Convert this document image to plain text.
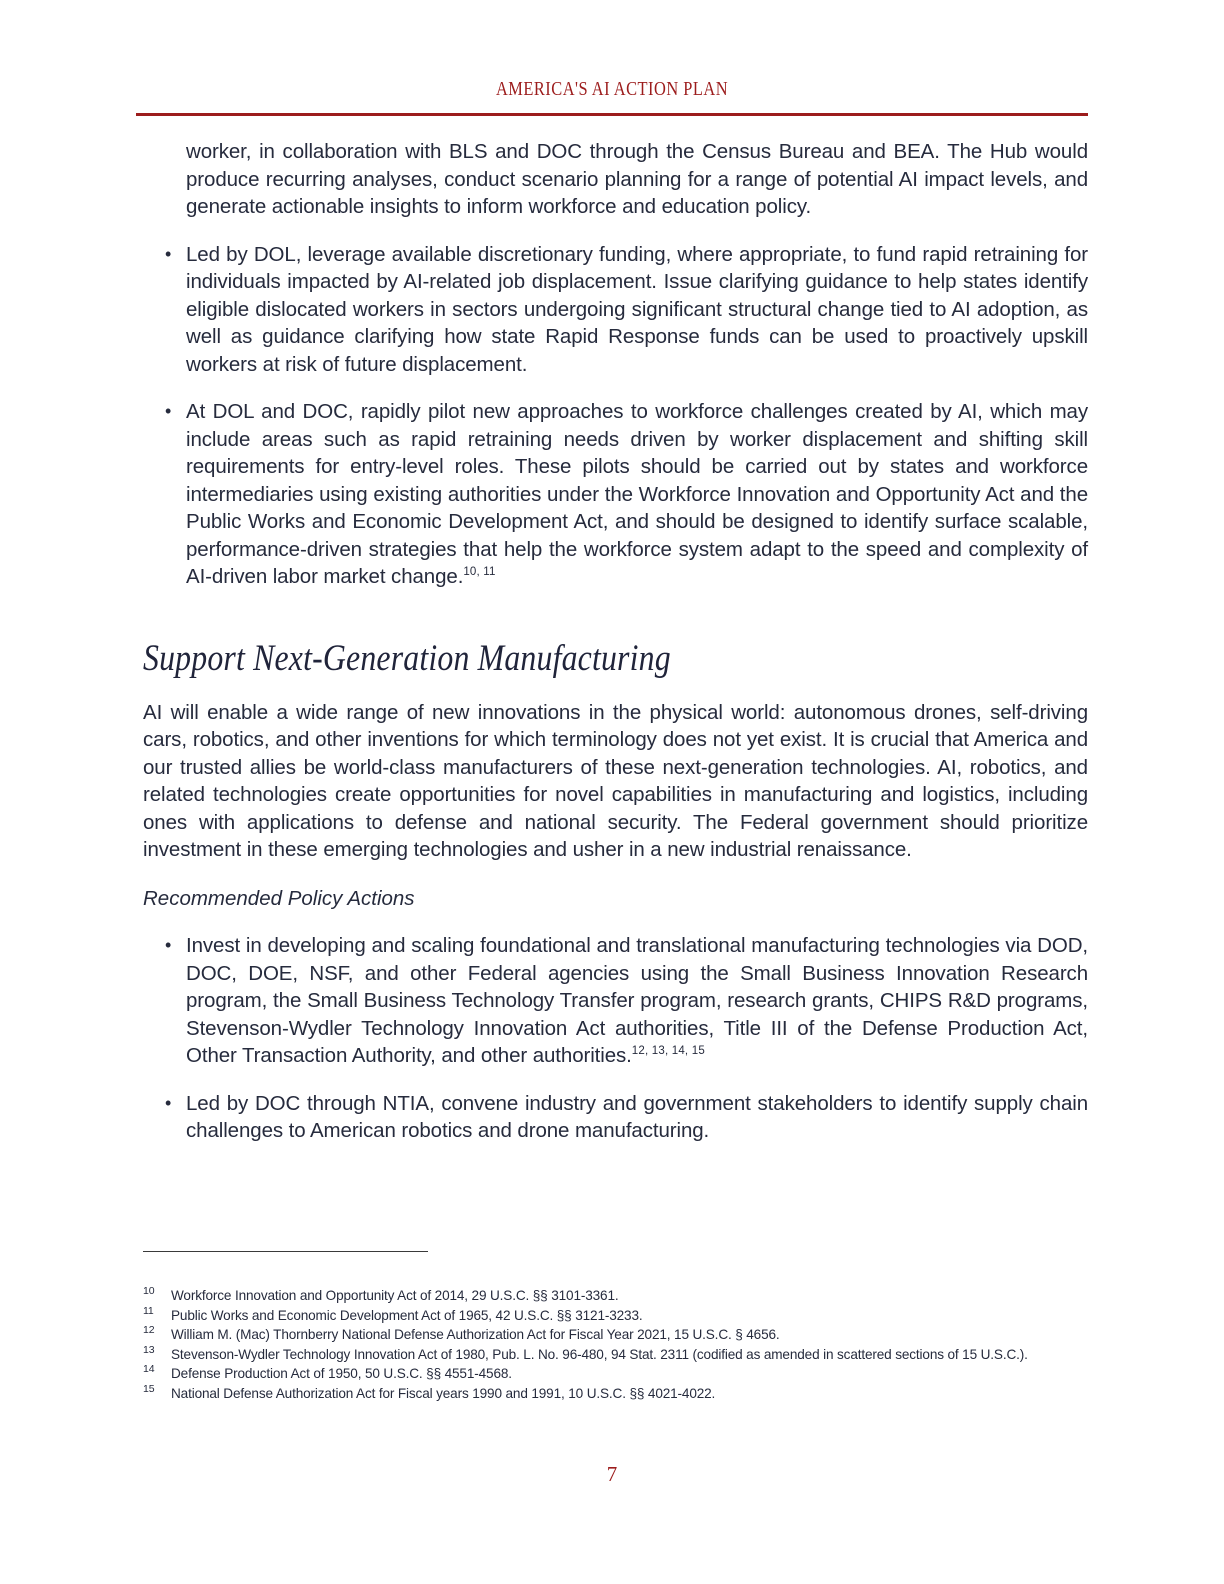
AMERICA'S AI ACTION PLAN

worker, in collaboration with BLS and DOC through the Census Bureau and BEA. The Hub would produce recurring analyses, conduct scenario planning for a range of potential AI impact levels, and generate actionable insights to inform workforce and education policy.

• Led by DOL, leverage available discretionary funding, where appropriate, to fund rapid retraining for individuals impacted by AI-related job displacement. Issue clarifying guidance to help states identify eligible dislocated workers in sectors undergoing significant structural change tied to AI adoption, as well as guidance clarifying how state Rapid Response funds can be used to proactively upskill workers at risk of future displacement.
• At DOL and DOC, rapidly pilot new approaches to workforce challenges created by AI, which may include areas such as rapid retraining needs driven by worker displacement and shifting skill requirements for entry-level roles. These pilots should be carried out by states and workforce intermediaries using existing authorities under the Workforce Innovation and Opportunity Act and the Public Works and Economic Development Act, and should be designed to identify surface scalable, performance-driven strategies that help the workforce system adapt to the speed and complexity of AI-driven labor market change.$^{10, 11}$
Support Next-Generation Manufacturing

AI will enable a wide range of new innovations in the physical world: autonomous drones, self-driving cars, robotics, and other inventions for which terminology does not yet exist. It is crucial that America and our trusted allies be world-class manufacturers of these next-generation technologies. AI, robotics, and related technologies create opportunities for novel capabilities in manufacturing and logistics, including ones with applications to defense and national security. The Federal government should prioritize investment in these emerging technologies and usher in a new industrial renaissance.

Recommended Policy Actions

• Invest in developing and scaling foundational and translational manufacturing technologies via DOD, DOC, DOE, NSF, and other Federal agencies using the Small Business Innovation Research program, the Small Business Technology Transfer program, research grants, CHIPS R&D programs, Stevenson-Wydler Technology Innovation Act authorities, Title III of the Defense Production Act, Other Transaction Authority, and other authorities.$^{12, 13, 14, 15}$
• Led by DOC through NTIA, convene industry and government stakeholders to identify supply chain challenges to American robotics and drone manufacturing.
10 Workforce Innovation and Opportunity Act of 2014, 29 U.S.C. §§ 3101-3361.
11 Public Works and Economic Development Act of 1965, 42 U.S.C. §§ 3121-3233.
12 William M. (Mac) Thornberry National Defense Authorization Act for Fiscal Year 2021, 15 U.S.C. § 4656.
13 Stevenson-Wydler Technology Innovation Act of 1980, Pub. L. No. 96-480, 94 Stat. 2311 (codified as amended in scattered sections of 15 U.S.C.).
14 Defense Production Act of 1950, 50 U.S.C. §§ 4551-4568.
15 National Defense Authorization Act for Fiscal years 1990 and 1991, 10 U.S.C. §§ 4021-4022.
7
